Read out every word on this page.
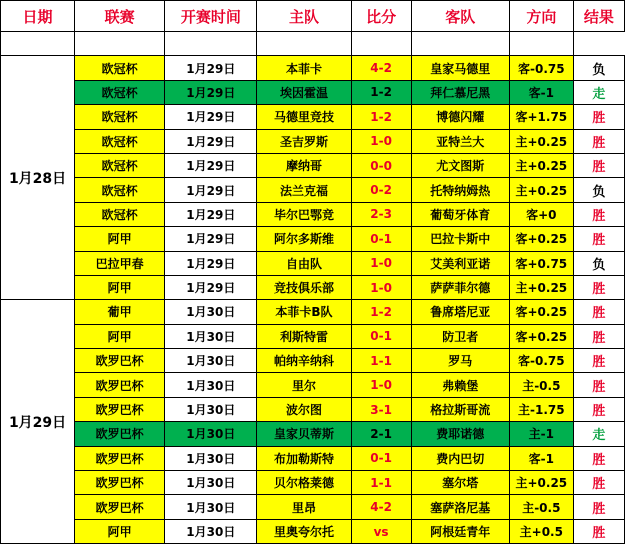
日期	联赛	开赛时间	主队	比分	客队	方向	结果

1月28日	欧冠杯	1月29日	本菲卡	4-2	皇家马德里	客-0.75	负
	欧冠杯	1月29日	埃因霍温	1-2	拜仁慕尼黑	客-1	走
	欧冠杯	1月29日	马德里竞技	1-2	博德闪耀	客+1.75	胜
	欧冠杯	1月29日	圣吉罗斯	1-0	亚特兰大	主+0.25	胜
	欧冠杯	1月29日	摩纳哥	0-0	尤文图斯	主+0.25	胜
	欧冠杯	1月29日	法兰克福	0-2	托特纳姆热	主+0.25	负
	欧冠杯	1月29日	毕尔巴鄂竞	2-3	葡萄牙体育	客+0	胜
	阿甲	1月29日	阿尔多斯维	0-1	巴拉卡斯中	客+0.25	胜
	巴拉甲春	1月29日	自由队	1-0	艾美利亚诺	客+0.75	负
	阿甲	1月29日	竞技俱乐部	1-0	萨萨菲尔德	主+0.25	胜
1月29日	葡甲	1月30日	本菲卡B队	1-2	鲁席塔尼亚	客+0.25	胜
	阿甲	1月30日	利斯特雷	0-1	防卫者	客+0.25	胜
	欧罗巴杯	1月30日	帕纳辛纳科	1-1	罗马	客-0.75	胜
	欧罗巴杯	1月30日	里尔	1-0	弗赖堡	主-0.5	胜
	欧罗巴杯	1月30日	波尔图	3-1	格拉斯哥流	主-1.75	胜
	欧罗巴杯	1月30日	皇家贝蒂斯	2-1	费耶诺德	主-1	走
	欧罗巴杯	1月30日	布加勒斯特	0-1	费内巴切	客-1	胜
	欧罗巴杯	1月30日	贝尔格莱德	1-1	塞尔塔	主+0.25	胜
	欧罗巴杯	1月30日	里昂	4-2	塞萨洛尼基	主-0.5	胜
	阿甲	1月30日	里奥夸尔托	vs	阿根廷青年	主+0.5	胜
